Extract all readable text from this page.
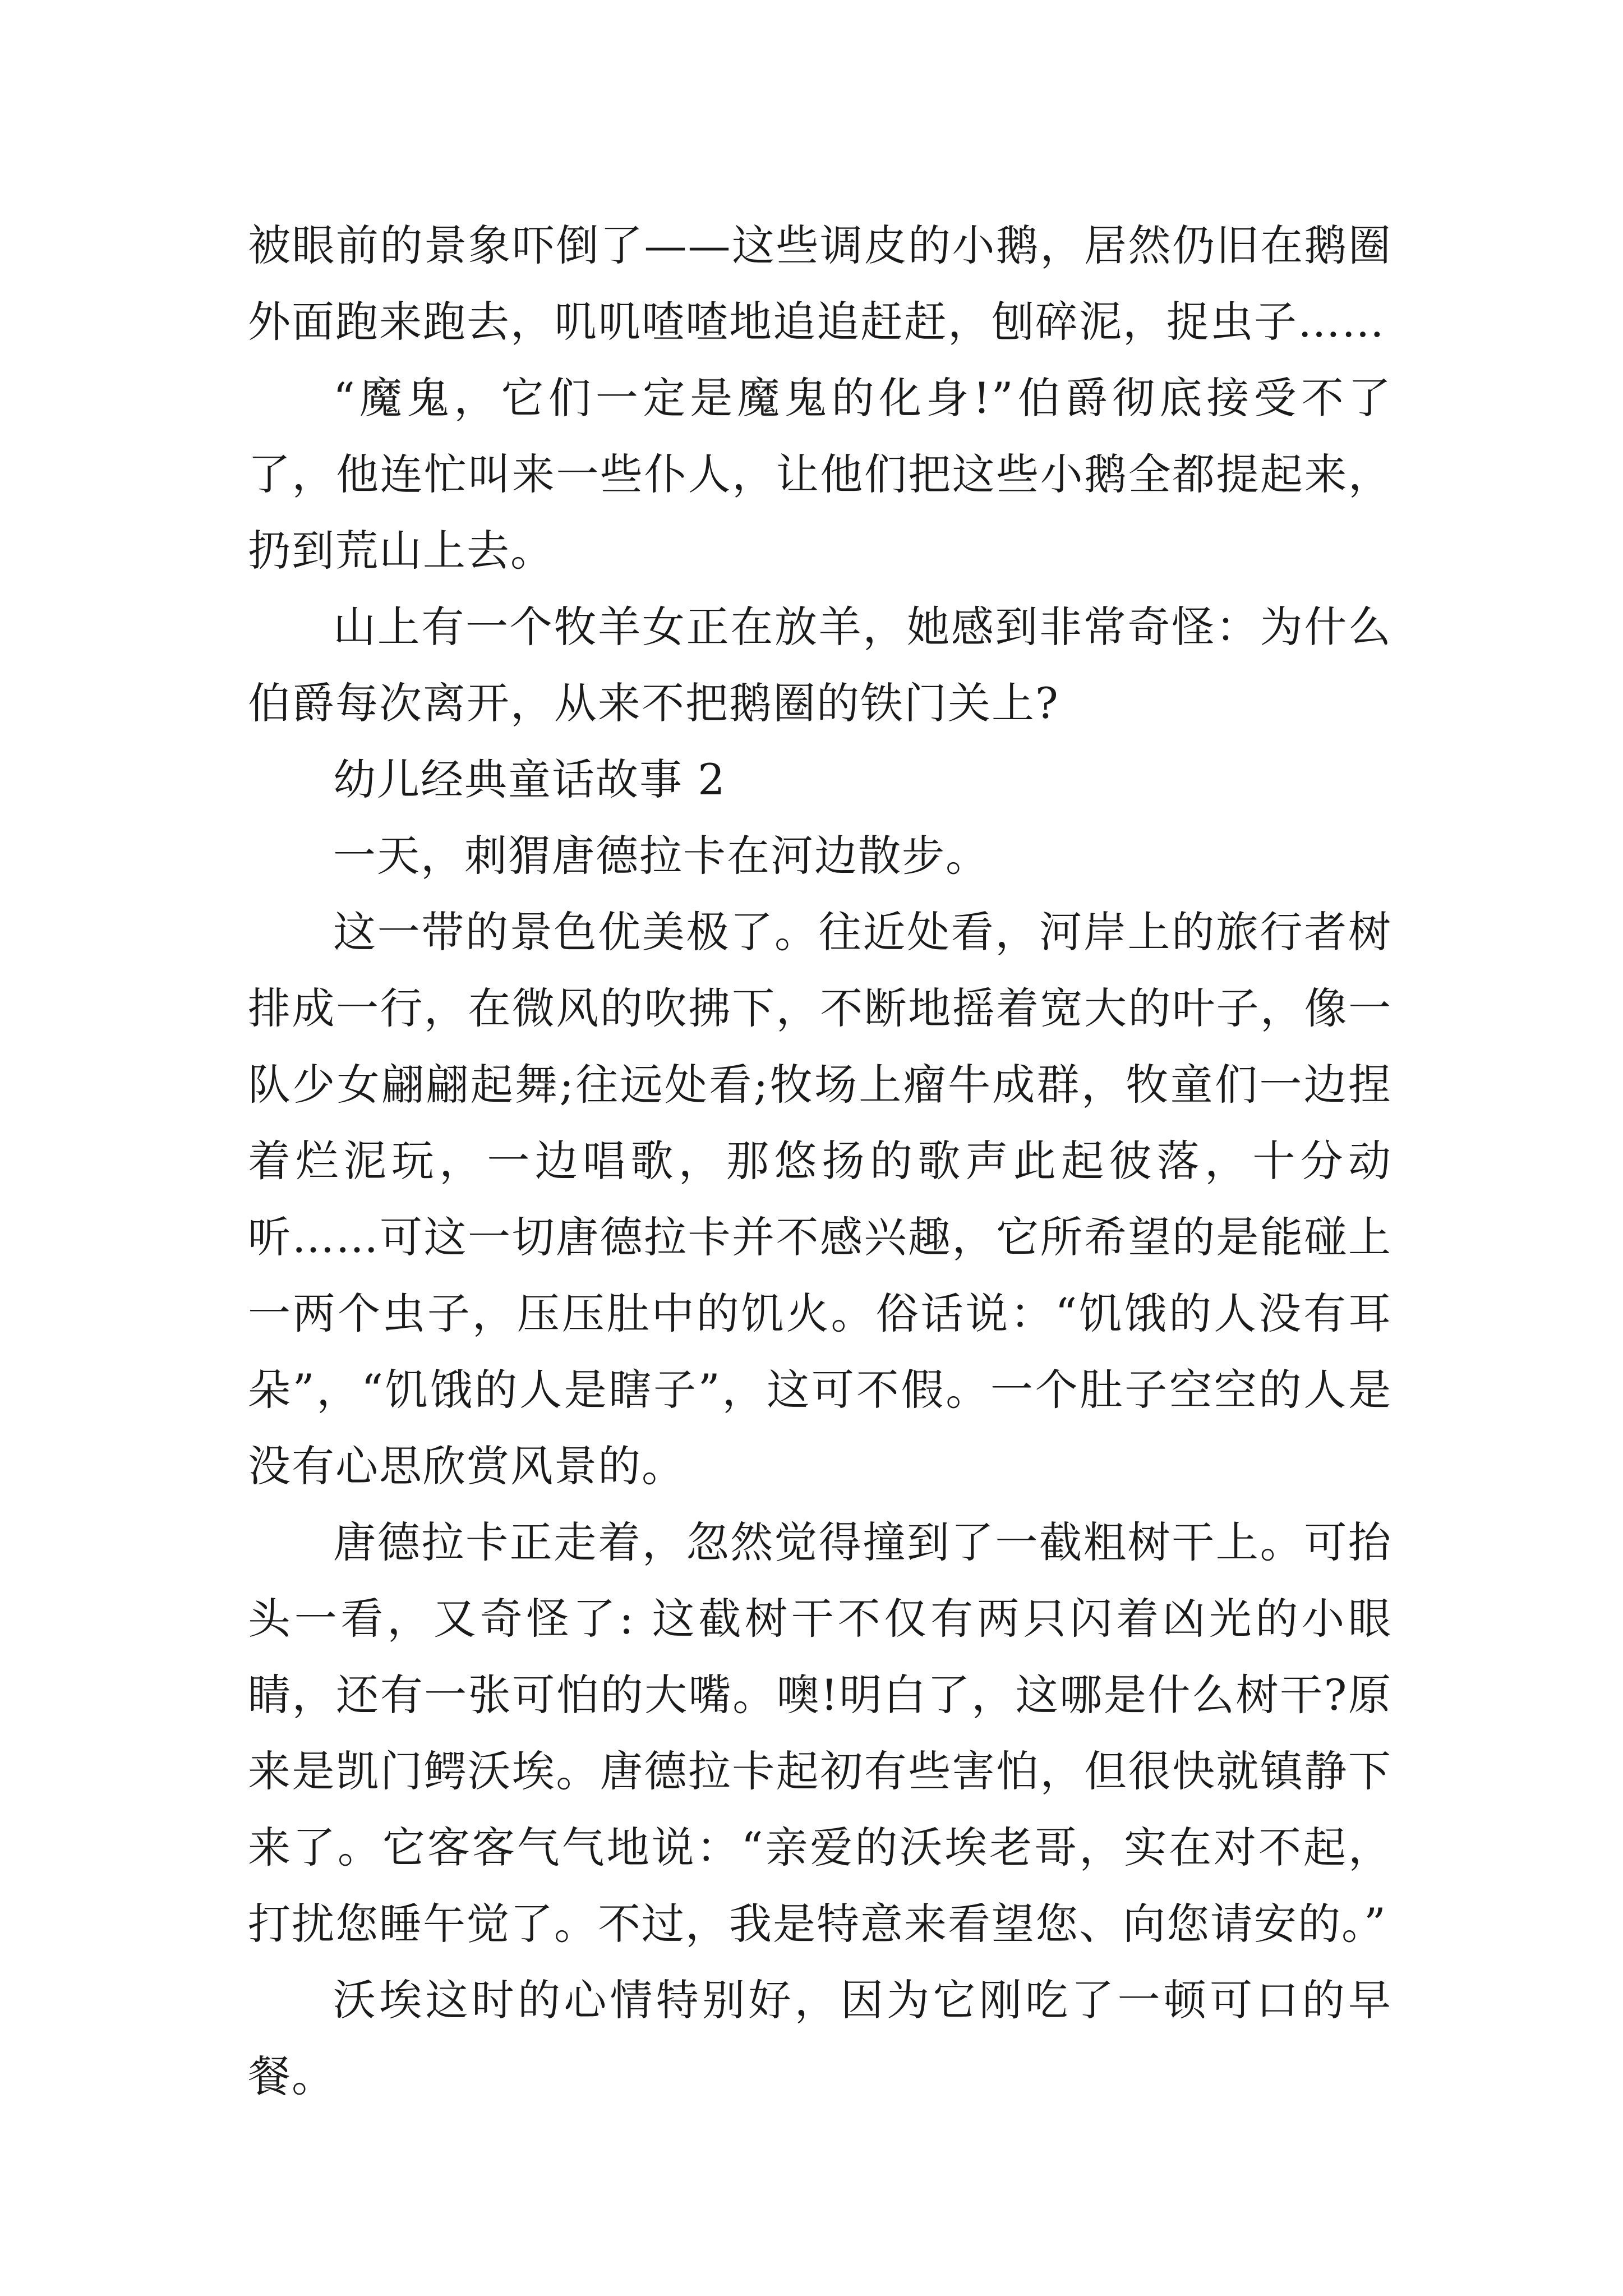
被眼前的景象吓倒了——这些调皮的小鹅，居然仍旧在鹅圈外面跑来跑去，叽叽喳喳地追追赶赶，刨碎泥，捉虫子……

“魔鬼，它们一定是魔鬼的化身!”伯爵彻底接受不了了，他连忙叫来一些仆人，让他们把这些小鹅全都提起来，扔到荒山上去。

山上有一个牧羊女正在放羊，她感到非常奇怪：为什么伯爵每次离开，从来不把鹅圈的铁门关上?

幼儿经典童话故事 2

一天，刺猬唐德拉卡在河边散步。

这一带的景色优美极了。往近处看，河岸上的旅行者树排成一行，在微风的吹拂下，不断地摇着宽大的叶子，像一队少女翩翩起舞;往远处看;牧场上瘤牛成群，牧童们一边捏着烂泥玩，一边唱歌，那悠扬的歌声此起彼落，十分动听……可这一切唐德拉卡并不感兴趣，它所希望的是能碰上一两个虫子，压压肚中的饥火。俗话说：“饥饿的人没有耳朵”，“饥饿的人是瞎子”，这可不假。一个肚子空空的人是没有心思欣赏风景的。

唐德拉卡正走着，忽然觉得撞到了一截粗树干上。可抬头一看，又奇怪了: 这截树干不仅有两只闪着凶光的小眼睛，还有一张可怕的大嘴。噢!明白了，这哪是什么树干?原来是凯门鳄沃埃。唐德拉卡起初有些害怕，但很快就镇静下来了。它客客气气地说：“亲爱的沃埃老哥，实在对不起，打扰您睡午觉了。不过，我是特意来看望您、向您请安的。”

沃埃这时的心情特别好，因为它刚吃了一顿可口的早餐。
